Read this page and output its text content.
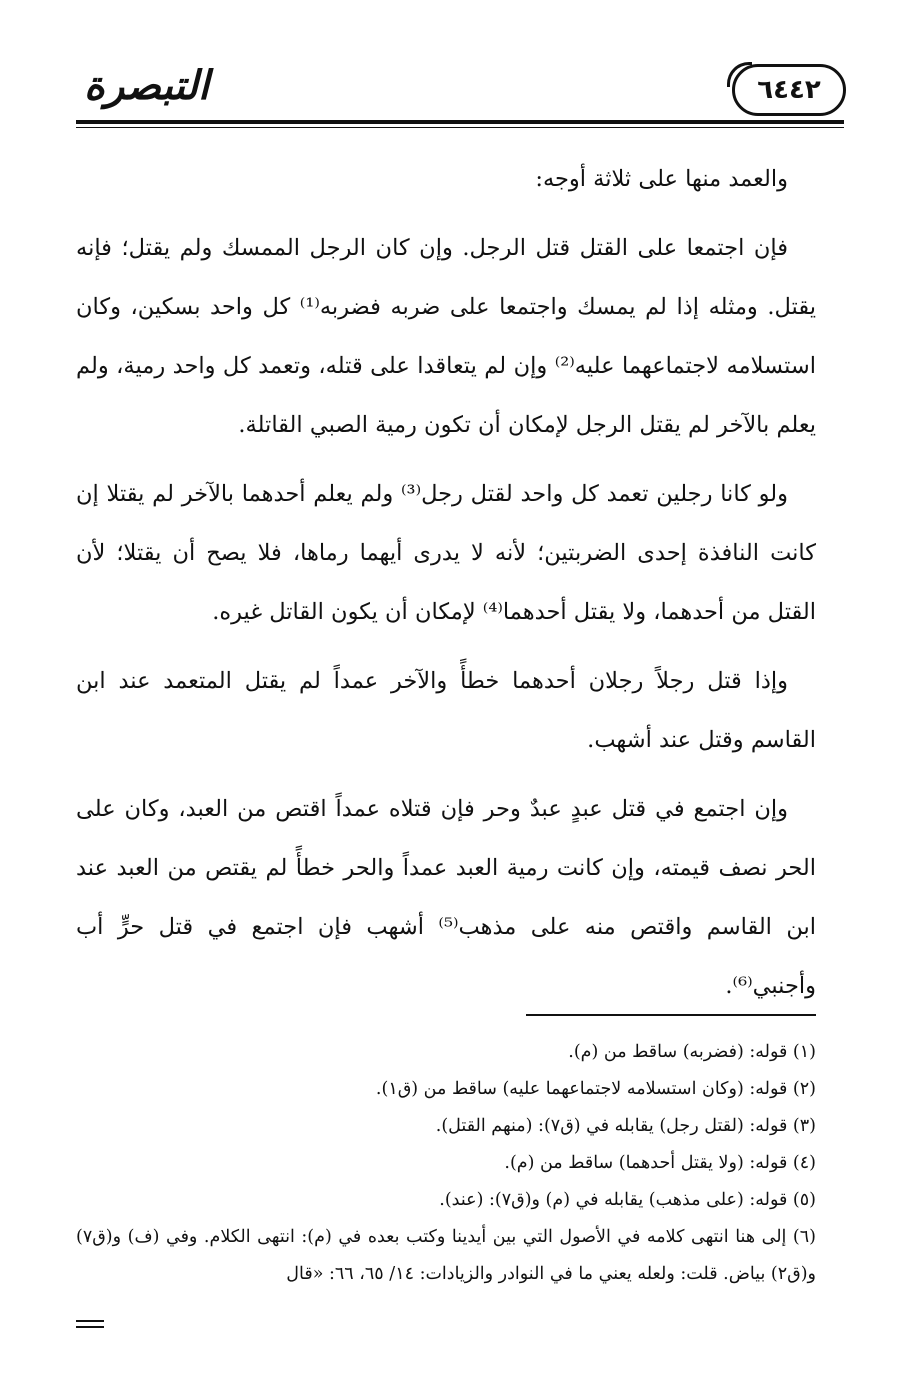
التبصرة	٦٤٤٢

والعمد منها على ثلاثة أوجه:

فإن اجتمعا على القتل قتل الرجل. وإن كان الرجل الممسك ولم يقتل؛ فإنه يقتل. ومثله إذا لم يمسك واجتمعا على ضربه فضربه⁽¹⁾ كل واحد بسكين، وكان استسلامه لاجتماعهما عليه⁽²⁾ وإن لم يتعاقدا على قتله، وتعمد كل واحد رمية، ولم يعلم بالآخر لم يقتل الرجل لإمكان أن تكون رمية الصبي القاتلة.

ولو كانا رجلين تعمد كل واحد لقتل رجل⁽³⁾ ولم يعلم أحدهما بالآخر لم يقتلا إن كانت النافذة إحدى الضربتين؛ لأنه لا يدرى أيهما رماها، فلا يصح أن يقتلا؛ لأن القتل من أحدهما، ولا يقتل أحدهما⁽⁴⁾ لإمكان أن يكون القاتل غيره.

وإذا قتل رجلاً رجلان أحدهما خطأً والآخر عمداً لم يقتل المتعمد عند ابن القاسم وقتل عند أشهب.

وإن اجتمع في قتل عبدٍ عبدٌ وحر فإن قتلاه عمداً اقتص من العبد، وكان على الحر نصف قيمته، وإن كانت رمية العبد عمداً والحر خطأً لم يقتص من العبد عند ابن القاسم واقتص منه على مذهب⁽⁵⁾ أشهب فإن اجتمع في قتل حرٍّ أب وأجنبي⁽⁶⁾.

(١) قوله: (فضربه) ساقط من (م).

(٢) قوله: (وكان استسلامه لاجتماعهما عليه) ساقط من (ق١).

(٣) قوله: (لقتل رجل) يقابله في (ق٧): (منهم القتل).

(٤) قوله: (ولا يقتل أحدهما) ساقط من (م).

(٥) قوله: (على مذهب) يقابله في (م) و(ق٧): (عند).

(٦) إلى هنا انتهى كلامه في الأصول التي بين أيدينا وكتب بعده في (م): انتهى الكلام. وفي (ف) و(ق٧) و(ق٢) بياض. قلت: ولعله يعني ما في النوادر والزيادات: ١٤/ ٦٥، ٦٦: «قال
